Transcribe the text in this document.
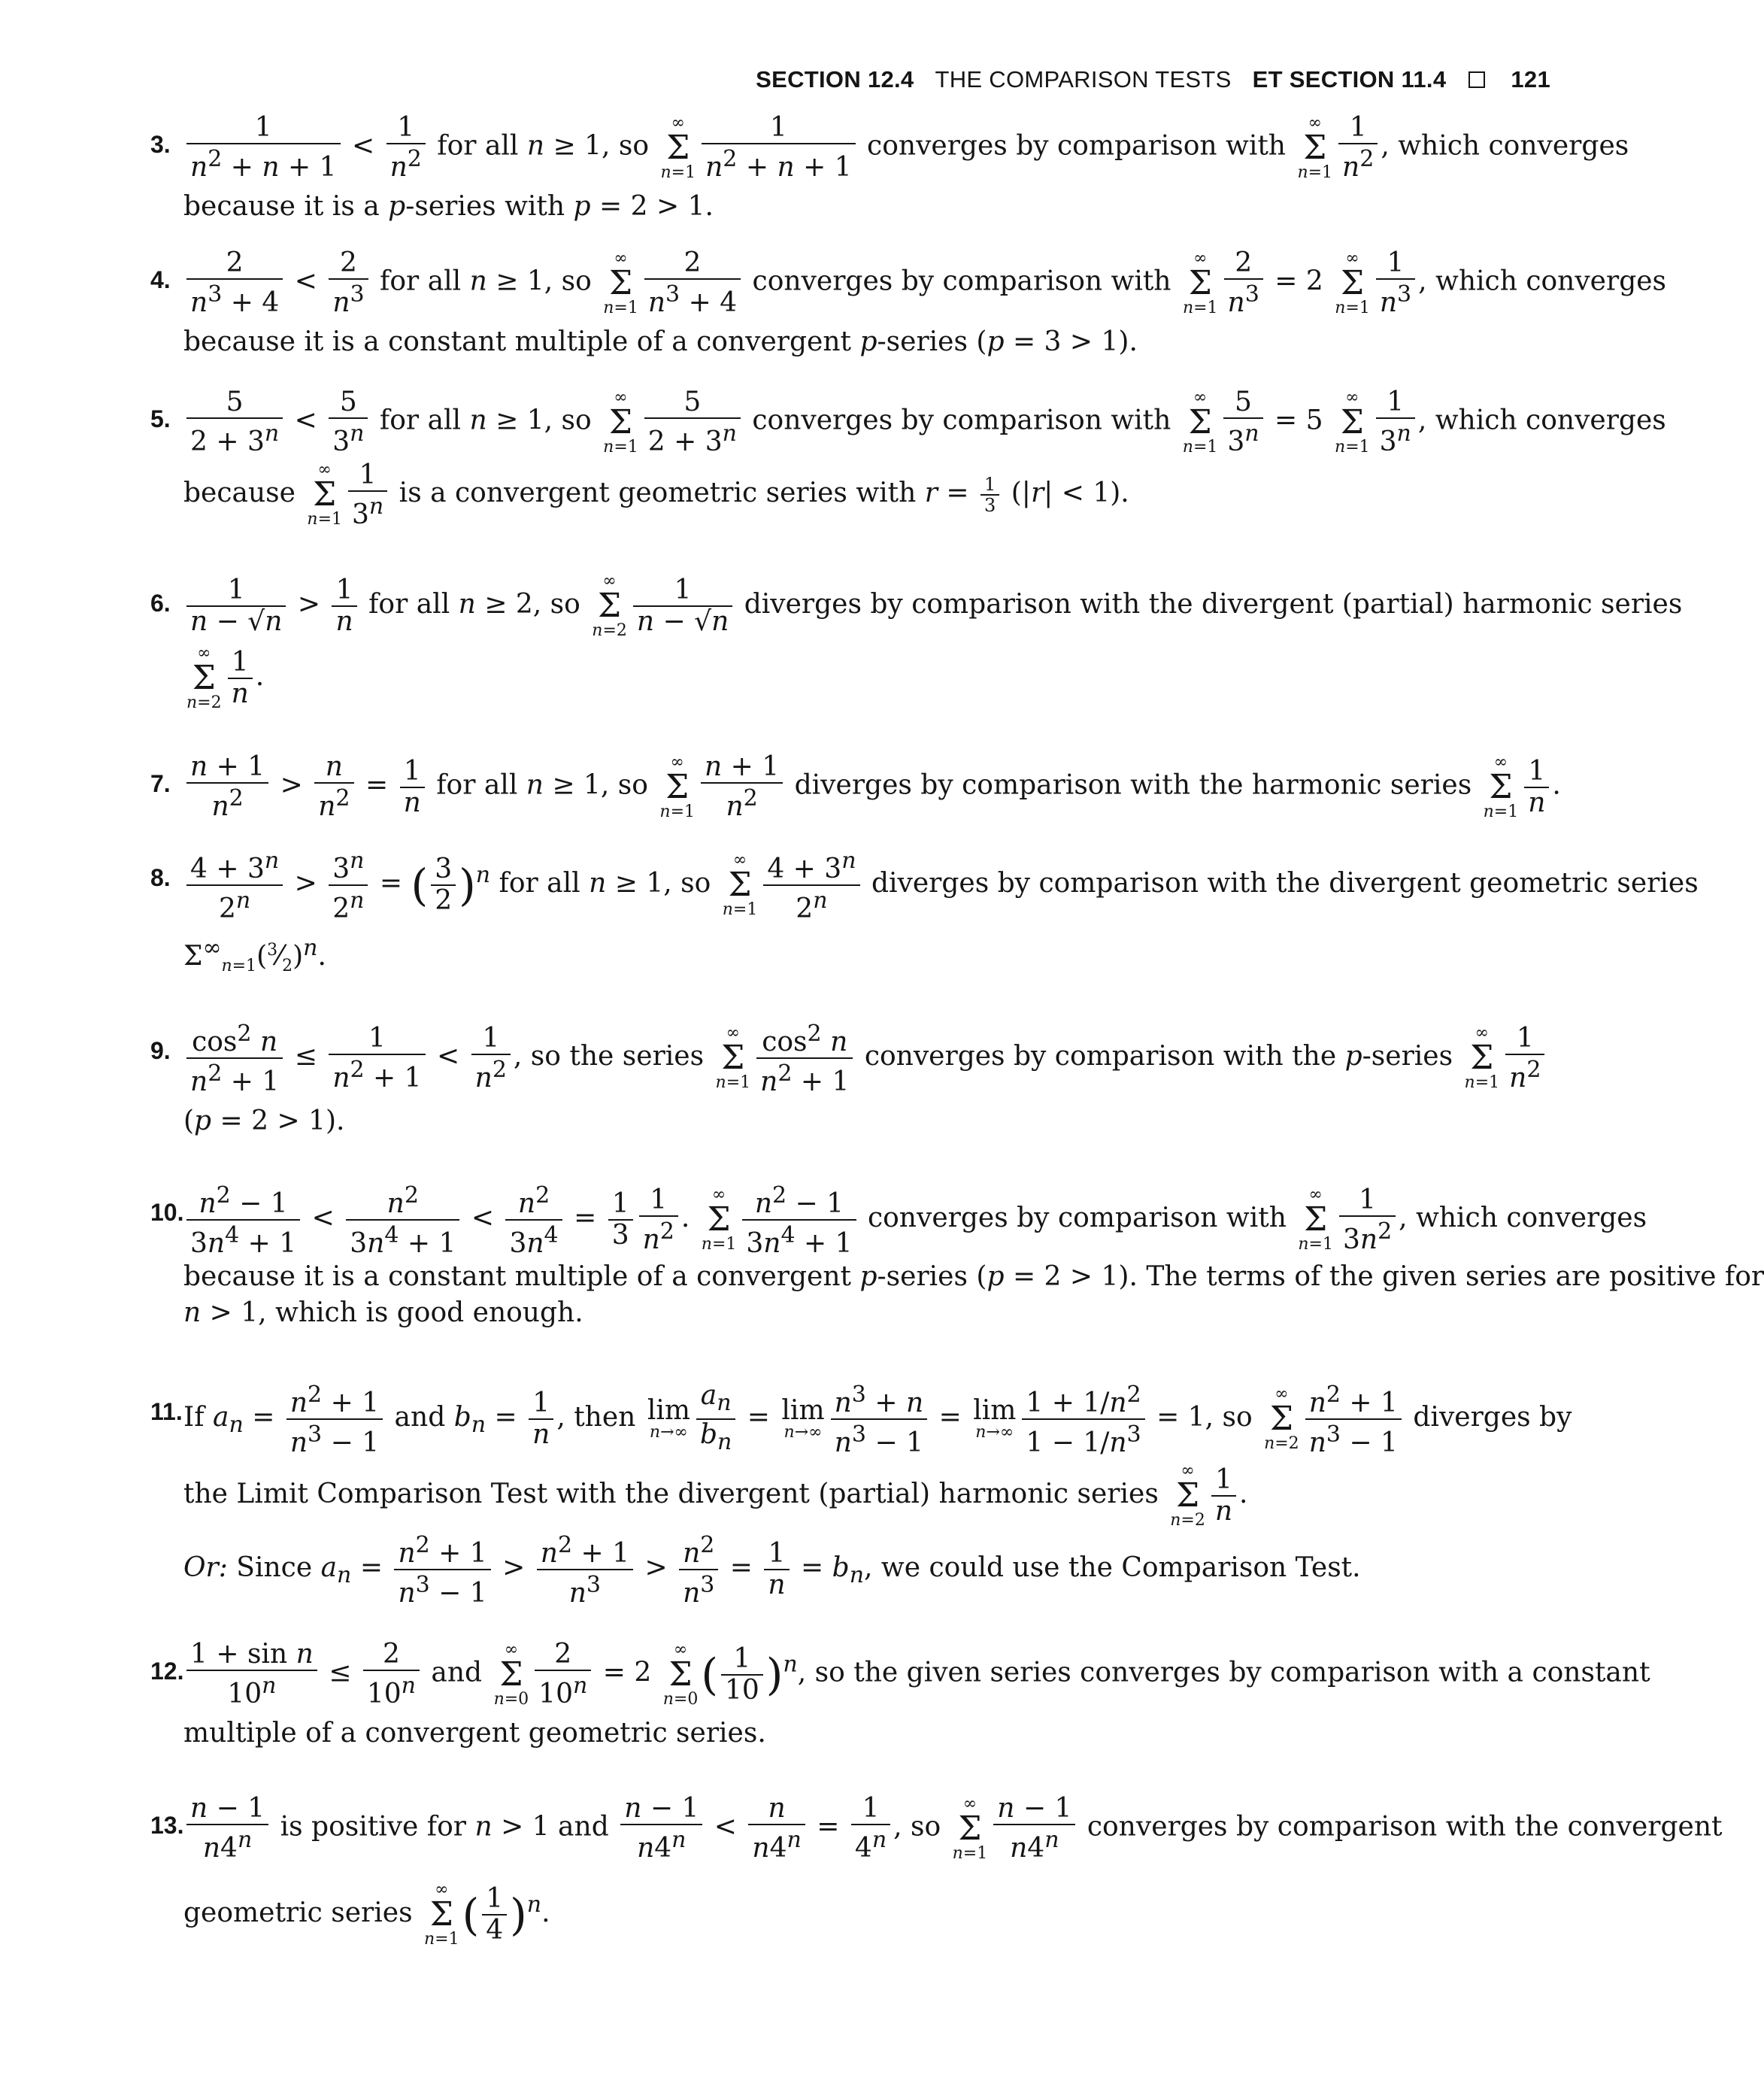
SECTION 12.4 THE COMPARISON TESTS ET SECTION 11.4	121
3. $\frac{1}{n^2 + n + 1} < \frac{1}{n^2}$ for all n ≥ 1, so
∞
Σ
$n=1 \frac{1}{n^2 + n + 1}$ converges by comparison with
∞
Σ
$n=1 \frac{1}{n^2}$ , which converges
because it is a p-series with p = 2 > 1.
4. $\frac{2}{n^3 + 4} < \frac{2}{n^3}$ for all n ≥ 1, so
∞
Σ
$n=1 \frac{2}{n^3 + 4}$ converges by comparison with
∞
Σ
$n=1 \frac{2}{n^3} = 2$
∞
Σ
$n=1 \frac{1}{n^3}$ , which converges
because it is a constant multiple of a convergent p-series (p = 3 > 1).
5. $\frac{5}{2 + 3^n} < \frac{5}{3^n}$ for all n ≥ 1, so
∞
Σ
$n=1 \frac{5}{2 + 3^n}$ converges by comparison with
∞
Σ
$n=1 \frac{5}{3^n} = 5$
∞
Σ
$n=1 \frac{1}{3^n}$ , which converges
because
∞
Σ
$n=1 \frac{1}{3^n}$ is a convergent geometric series with $r = \frac{1}{3} (|r| < 1)$.
6. $\frac{1}{n - √n} > \frac{1}{n}$ for all n ≥ 2, so
∞
Σ
$n=2 \frac{1}{n - √n}$ diverges by comparison with the divergent (partial) harmonic series
∞
Σ
$n=2 \frac{1}{n}$ .
7. $\frac{n + 1}{n^2} > \frac{n}{n^2} = \frac{1}{n}$ for all n ≥ 1, so
∞
Σ
$n=1 \frac{n + 1}{n^2}$ diverges by comparison with the harmonic series
∞
Σ
$n=1 \frac{1}{n}$ .
8. $\frac{4 + 3^n}{2^n} > \frac{3^n}{2^n}$ = ( $\frac{3}{2} )^n$ for all n ≥ 1, so
∞
Σ
$n=1 \frac{4 + 3^n}{2^n}$ diverges by comparison with the divergent geometric series
$\Sigma^\infty_{n=1}(^3⁄_2)^n$.
9. $\frac{\cos^2 n}{n^2 + 1} \le \frac{1}{n^2 + 1} < \frac{1}{n^2}$ , so the series
∞
Σ
$n=1 \frac{\cos^2 n}{n^2 + 1}$ converges by comparison with the p-series
∞
Σ
$n=1 \frac{1}{n^2}$
(p = 2 > 1).
10. $\frac{n^2 - 1}{3n^4 + 1} < \frac{n^2}{3n^4 + 1} < \frac{n^2}{3n^4} = \frac{1}{3} \frac{1}{n^2}$ .
∞
Σ
$n=1 \frac{n^2 - 1}{3n^4 + 1}$ converges by comparison with
∞
Σ
$n=1 \frac{1}{3n^2}$ , which converges
because it is a constant multiple of a convergent p-series (p = 2 > 1). The terms of the given series are positive for
n > 1, which is good enough.
11. If $a_n = \frac{n^2 + 1}{n^3 - 1}$ and $b_n = \frac{1}{n}$ , then lim
$n\to\infty \frac{a_n}{b_n} = \lim$
$n\to\infty \frac{n^3 + n}{n^3 - 1} = \lim$
$n\to\infty \frac{1 + 1/n^2}{1 - 1/n^3} = 1$, so
∞
Σ
$n=2 \frac{n^2 + 1}{n^3 - 1}$ diverges by
the Limit Comparison Test with the divergent (partial) harmonic series
∞
Σ
$n=2 \frac{1}{n}$ .
Or: Since $a_n = \frac{n^2 + 1}{n^3 - 1} > \frac{n^2 + 1}{n^3} > \frac{n^2}{n^3} = \frac{1}{n} = b_n$, we could use the Comparison Test.
12. $\frac{\text{1 + sin n}}{10^n} \le \frac{2}{10^n}$ and
∞
Σ
$n=0 \frac{2}{10^n} = 2$
∞
Σ
n=0 ( $\frac{1}{10} )^n$, so the given series converges by comparison with a constant
multiple of a convergent geometric series.
13. $\frac{n - 1}{n4^n}$ is positive for n > 1 and $\frac{n - 1}{n4^n} < \frac{n}{n4^n} = \frac{1}{4^n}$ , so
∞
Σ
$n=1 \frac{n - 1}{n4^n}$ converges by comparison with the convergent
geometric series
∞
Σ
n=1 ( $\frac{1}{4} )^n$.
